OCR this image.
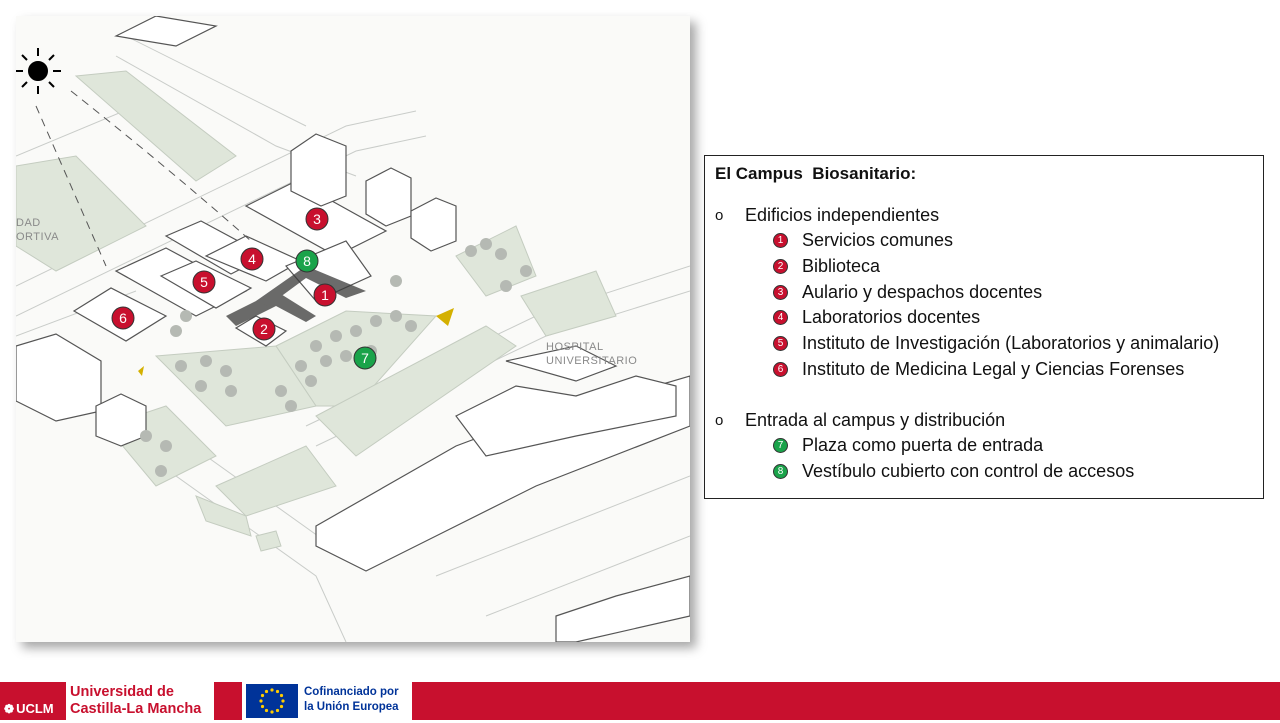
DAD
ORTIVA
HOSPITAL
UNIVERSITARIO
1
2
3
4
5
6
7
8
El Campus  Biosanitario:
o	Edificios independientes
1 Servicios comunes
2 Biblioteca
3 Aulario y despachos docentes
4 Laboratorios docentes
5 Instituto de Investigación (Laboratorios y animalario)
6 Instituto de Medicina Legal y Ciencias Forenses
o	Entrada al campus y distribución
7 Plaza como puerta de entrada
8 Vestíbulo cubierto con control de accesos
❁ UCLM
Universidad de
Castilla-La Mancha
Cofinanciado por
la Unión Europea
